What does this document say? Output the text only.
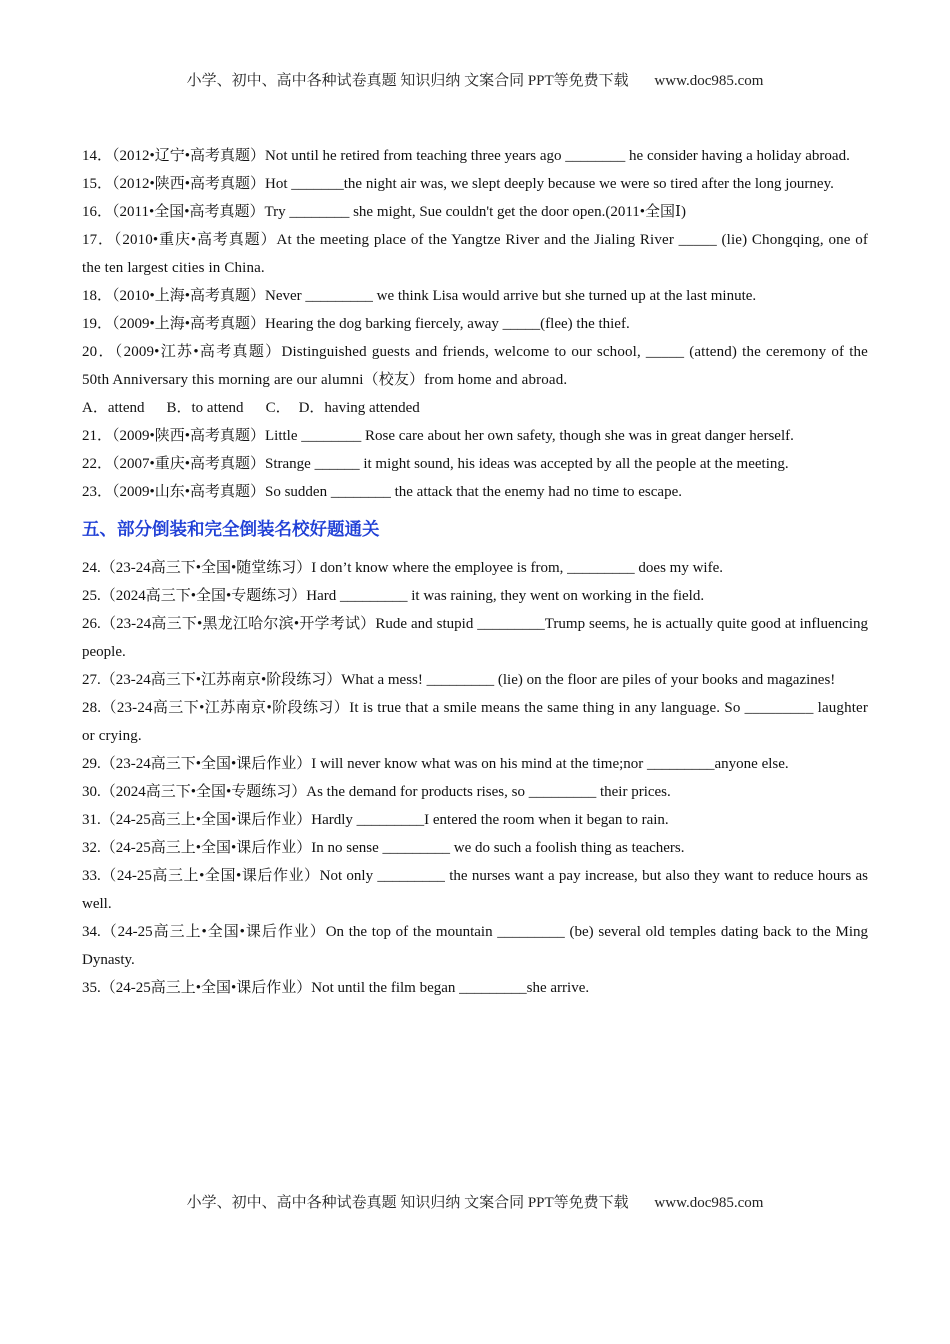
小学、初中、高中各种试卷真题 知识归纳 文案合同 PPT等免费下载 www.doc985.com

14．（2012•辽宁•高考真题）Not until he retired from teaching three years ago ________ he consider having a holiday abroad.

15．（2012•陕西•高考真题）Hot _______the night air was, we slept deeply because we were so tired after the long journey.

16．（2011•全国•高考真题）Try ________ she might, Sue couldn't get the door open.(2011•全国Ⅰ)

17．（2010•重庆•高考真题）At the meeting place of the Yangtze River and the Jialing River _____ (lie) Chongqing, one of the ten largest cities in China.

18．（2010•上海•高考真题）Never _________ we think Lisa would arrive but she turned up at the last minute.

19．（2009•上海•高考真题）Hearing the dog barking fiercely, away _____(flee) the thief.

20．（2009•江苏•高考真题）Distinguished guests and friends, welcome to our school, _____ (attend) the ceremony of the 50th Anniversary this morning are our alumni（校友）from home and abroad.

A．attend B．to attend C． D．having attended

21．（2009•陕西•高考真题）Little ________ Rose care about her own safety, though she was in great danger herself.

22．（2007•重庆•高考真题）Strange ______ it might sound, his ideas was accepted by all the people at the meeting.

23．（2009•山东•高考真题）So sudden ________ the attack that the enemy had no time to escape.

五、部分倒装和完全倒装名校好题通关

24.（23-24高三下•全国•随堂练习）I don’t know where the employee is from, _________ does my wife.

25.（2024高三下•全国•专题练习）Hard _________ it was raining, they went on working in the field.

26.（23-24高三下•黑龙江哈尔滨•开学考试）Rude and stupid _________Trump seems, he is actually quite good at influencing people.

27.（23-24高三下•江苏南京•阶段练习）What a mess! _________ (lie) on the floor are piles of your books and magazines!

28.（23-24高三下•江苏南京•阶段练习）It is true that a smile means the same thing in any language. So _________ laughter or crying.

29.（23-24高三下•全国•课后作业）I will never know what was on his mind at the time;nor _________anyone else.

30.（2024高三下•全国•专题练习）As the demand for products rises, so _________ their prices.

31.（24-25高三上•全国•课后作业）Hardly _________I entered the room when it began to rain.

32.（24-25高三上•全国•课后作业）In no sense _________ we do such a foolish thing as teachers.

33.（24-25高三上•全国•课后作业）Not only _________ the nurses want a pay increase, but also they want to reduce hours as well.

34.（24-25高三上•全国•课后作业）On the top of the mountain _________ (be) several old temples dating back to the Ming Dynasty.

35.（24-25高三上•全国•课后作业）Not until the film began _________she arrive.

小学、初中、高中各种试卷真题 知识归纳 文案合同 PPT等免费下载 www.doc985.com
